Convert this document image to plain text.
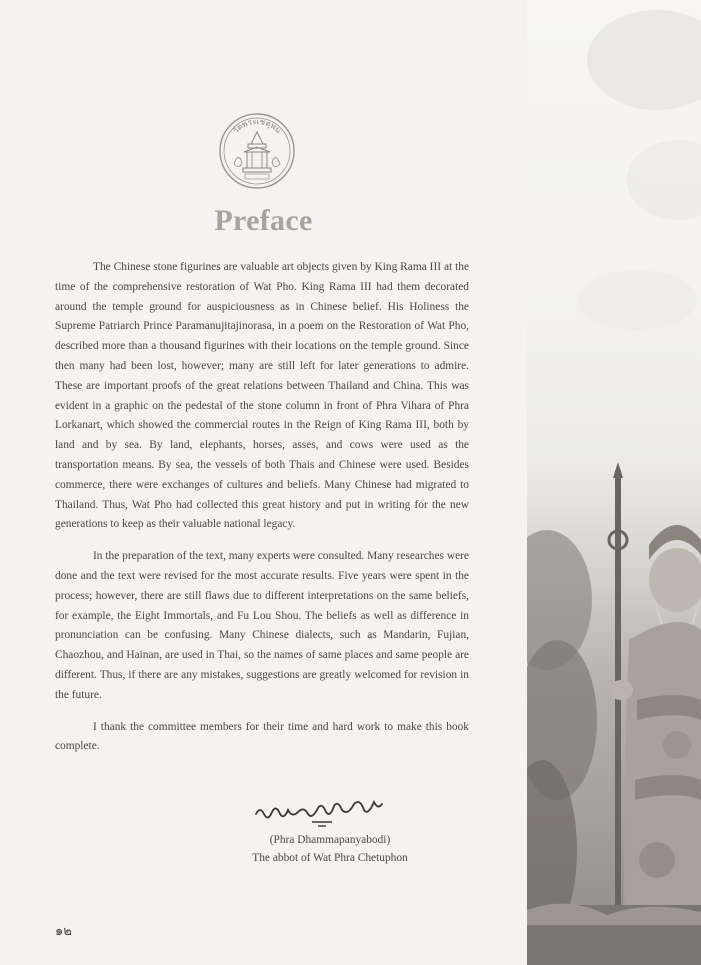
วัดพระเชตุพน
Preface

The Chinese stone figurines are valuable art objects given by King Rama III at the time of the comprehensive restoration of Wat Pho. King Rama III had them decorated around the temple ground for auspiciousness as in Chinese belief. His Holiness the Supreme Patriarch Prince Paramanujitajinorasa, in a poem on the Restoration of Wat Pho, described more than a thousand figurines with their locations on the temple ground. Since then many had been lost, however; many are still left for later generations to admire. These are important proofs of the great relations between Thailand and China. This was evident in a graphic on the pedestal of the stone column in front of Phra Vihara of Phra Lorkanart, which showed the commercial routes in the Reign of King Rama III, both by land and by sea. By land, elephants, horses, asses, and cows were used as the transportation means. By sea, the vessels of both Thais and Chinese were used. Besides commerce, there were exchanges of cultures and beliefs. Many Chinese had migrated to Thailand. Thus, Wat Pho had collected this great history and put in writing for the new generations to keep as their valuable national legacy.

In the preparation of the text, many experts were consulted. Many researches were done and the text were revised for the most accurate results. Five years were spent in the process; however, there are still flaws due to different interpretations on the same beliefs, for example, the Eight Immortals, and Fu Lou Shou. The beliefs as well as difference in pronunciation can be confusing. Many Chinese dialects, such as Mandarin, Fujian, Chaozhou, and Hainan, are used in Thai, so the names of same places and same people are different. Thus, if there are any mistakes, suggestions are greatly welcomed for revision in the future.

I thank the committee members for their time and hard work to make this book complete.

(Phra Dhammapanyabodi)
The abbot of Wat Phra Chetuphon
๑๒
